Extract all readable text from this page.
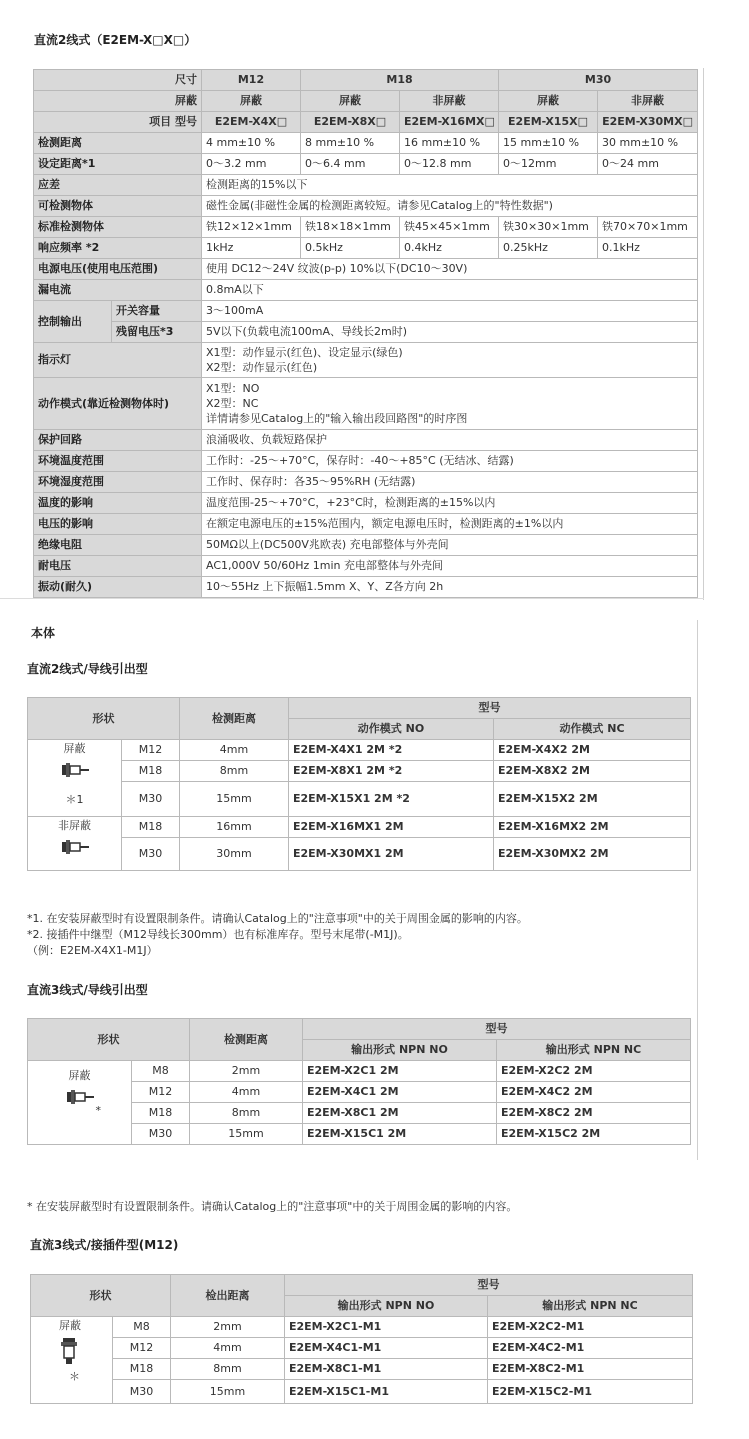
直流2线式（E2EM-X□X□）
尺寸		M12	M18		M30	
屏蔽		屏蔽	屏蔽	非屏蔽	屏蔽	非屏蔽
项目 型号		E2EM-X4X□	E2EM-X8X□	E2EM-X16MX□	E2EM-X15X□	E2EM-X30MX□
检测距离		4 mm±10 %	8 mm±10 %	16 mm±10 %	15 mm±10 %	30 mm±10 %
设定距离*1		0～3.2 mm	0～6.4 mm	0～12.8 mm	0～12mm	0～24 mm
应差		检测距离的15%以下				
可检测物体		磁性金属(非磁性金属的检测距离较短。请参见Catalog上的"特性数据")				
标准检测物体		铁12×12×1mm	铁18×18×1mm	铁45×45×1mm	铁30×30×1mm	铁70×70×1mm
响应频率 *2		1kHz	0.5kHz	0.4kHz	0.25kHz	0.1kHz
电源电压(使用电压范围)		使用 DC12～24V 纹波(p-p) 10%以下(DC10～30V)				
漏电流		0.8mA以下				
控制输出	开关容量	3～100mA				
	残留电压*3	5V以下(负载电流100mA、导线长2m时)				
指示灯		X1型：动作显示(红色)、设定显示(绿色)
X2型：动作显示(红色)				

动作模式(靠近检测物体时)		X1型：NO
X2型：NC
详情请参见Catalog上的"输入输出段回路图"的时序图				

保护回路		浪涌吸收、负载短路保护				
环境温度范围		工作时：-25～+70°C，保存时：-40～+85°C (无结冰、结露)				
环境湿度范围		工作时、保存时：各35～95%RH (无结露)				
温度的影响		温度范围-25～+70°C，+23°C时，检测距离的±15%以内				
电压的影响		在额定电源电压的±15%范围内，额定电源电压时，检测距离的±1%以内				
绝缘电阻		50MΩ以上(DC500V兆欧表) 充电部整体与外壳间				
耐电压		AC1,000V 50/60Hz 1min 充电部整体与外壳间				
振动(耐久)		10～55Hz 上下振幅1.5mm X、Y、Z各方向 2h				
本体
直流2线式/导线引出型
形状		检测距离	型号	
			动作模式 NO	动作模式 NC

屏蔽
＊1	M12	4mm	E2EM-X4X1 2M *2	E2EM-X4X2 2M
	M18	8mm	E2EM-X8X1 2M *2	E2EM-X8X2 2M
	M30	15mm	E2EM-X15X1 2M *2	E2EM-X15X2 2M

非屏蔽	M18	16mm	E2EM-X16MX1 2M	E2EM-X16MX2 2M
	M30	30mm	E2EM-X30MX1 2M	E2EM-X30MX2 2M
*1. 在安装屏蔽型时有设置限制条件。请确认Catalog上的"注意事项"中的关于周围金属的影响的内容。
*2. 接插件中继型（M12导线长300mm）也有标准库存。型号末尾带(-M1J)。
（例：E2EM-X4X1-M1J）
直流3线式/导线引出型
形状		检测距离	型号	
			输出形式 NPN NO	输出形式 NPN NC

屏蔽
*	M8	2mm	E2EM-X2C1 2M	E2EM-X2C2 2M
	M12	4mm	E2EM-X4C1 2M	E2EM-X4C2 2M
	M18	8mm	E2EM-X8C1 2M	E2EM-X8C2 2M
	M30	15mm	E2EM-X15C1 2M	E2EM-X15C2 2M
* 在安装屏蔽型时有设置限制条件。请确认Catalog上的"注意事项"中的关于周围金属的影响的内容。
直流3线式/接插件型(M12)
形状		检出距离	型号	
			输出形式 NPN NO	输出形式 NPN NC

屏蔽
＊	M8	2mm	E2EM-X2C1-M1	E2EM-X2C2-M1
	M12	4mm	E2EM-X4C1-M1	E2EM-X4C2-M1
	M18	8mm	E2EM-X8C1-M1	E2EM-X8C2-M1
	M30	15mm	E2EM-X15C1-M1	E2EM-X15C2-M1
